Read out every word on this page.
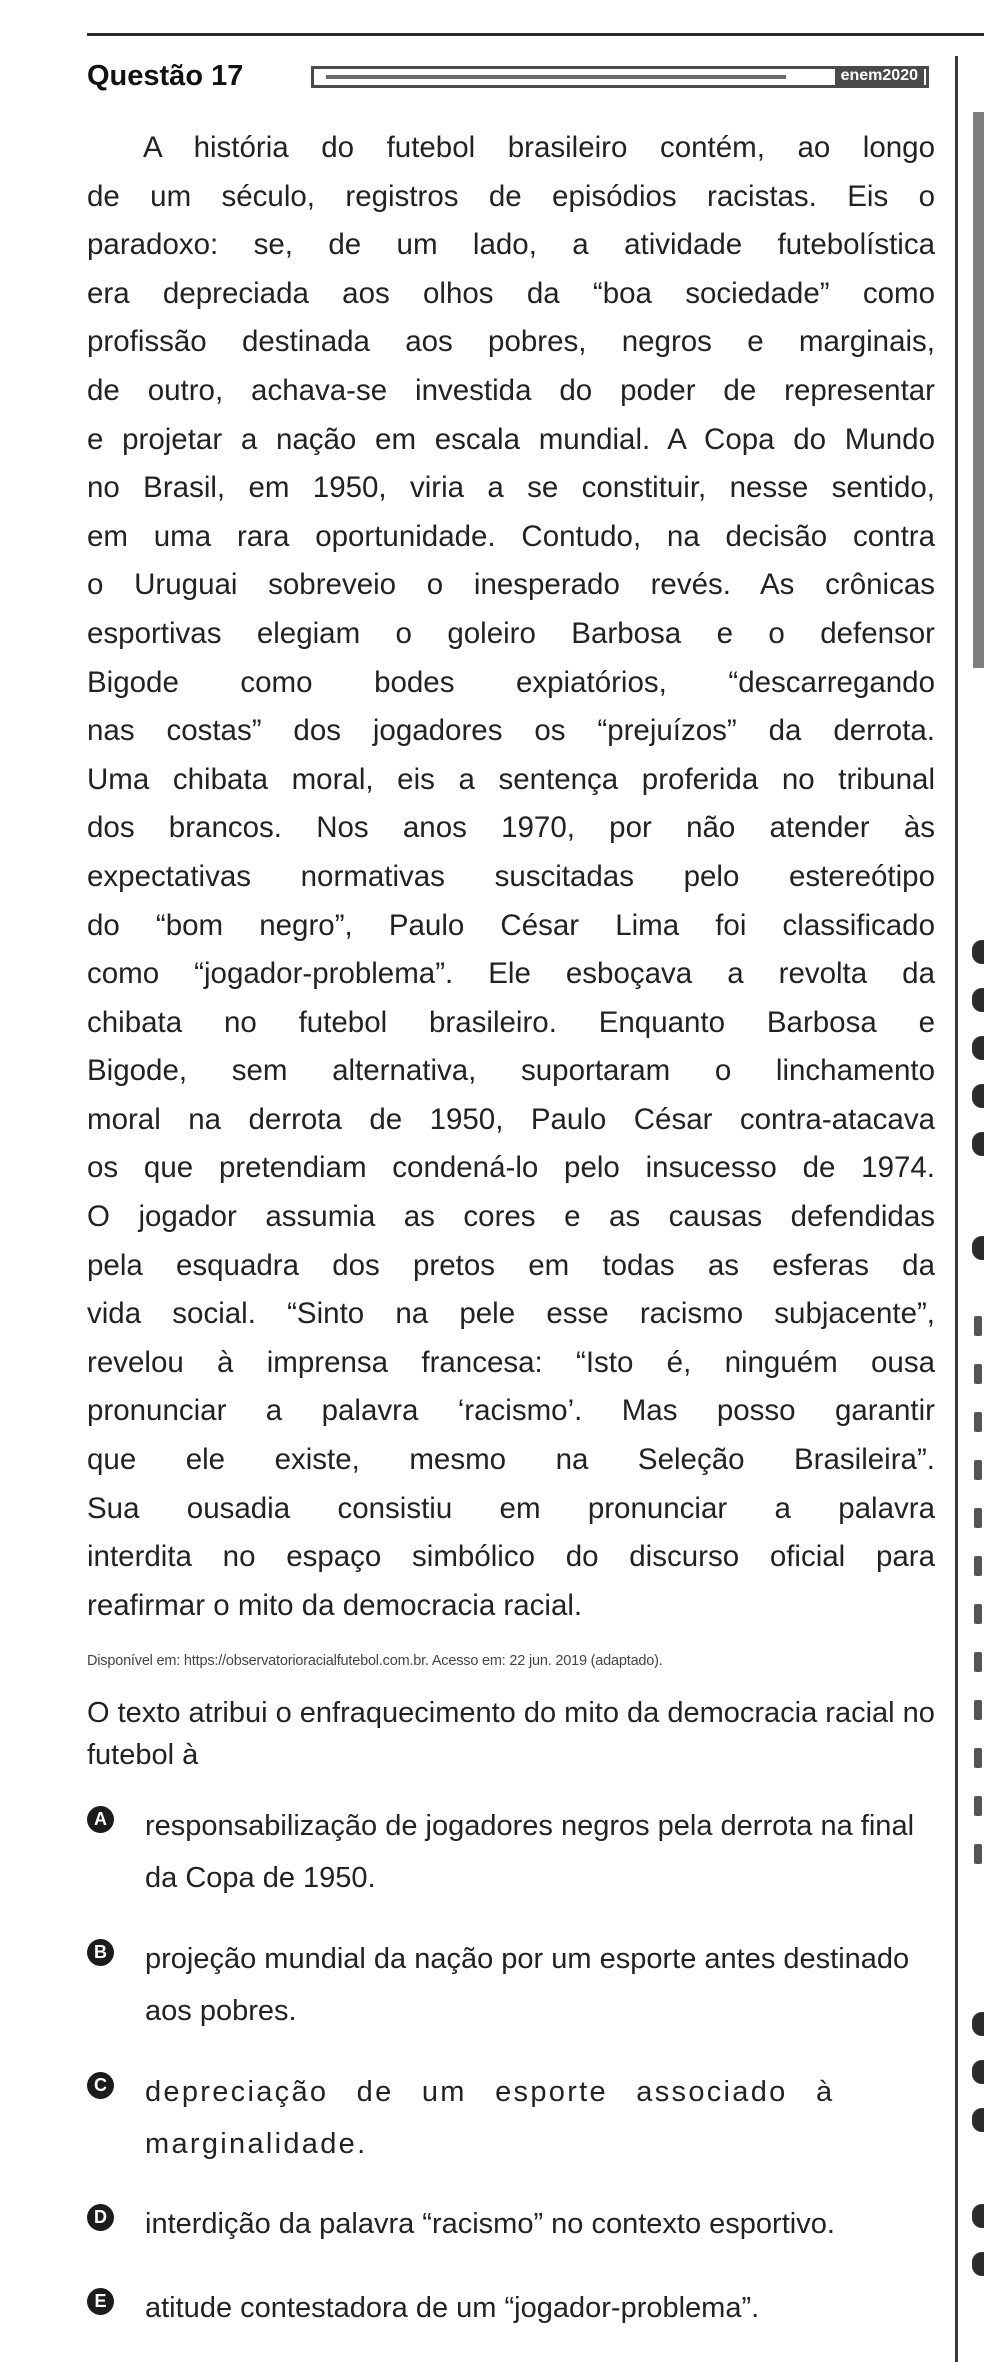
Questão 17	enem2020
A história do futebol brasileiro contém, ao longo
de um século, registros de episódios racistas. Eis o
paradoxo: se, de um lado, a atividade futebolística
era depreciada aos olhos da “boa sociedade” como
profissão destinada aos pobres, negros e marginais,
de outro, achava-se investida do poder de representar
e projetar a nação em escala mundial. A Copa do Mundo
no Brasil, em 1950, viria a se constituir, nesse sentido,
em uma rara oportunidade. Contudo, na decisão contra
o Uruguai sobreveio o inesperado revés. As crônicas
esportivas elegiam o goleiro Barbosa e o defensor
Bigode como bodes expiatórios, “descarregando
nas costas” dos jogadores os “prejuízos” da derrota.
Uma chibata moral, eis a sentença proferida no tribunal
dos brancos. Nos anos 1970, por não atender às
expectativas normativas suscitadas pelo estereótipo
do “bom negro”, Paulo César Lima foi classificado
como “jogador-problema”. Ele esboçava a revolta da
chibata no futebol brasileiro. Enquanto Barbosa e
Bigode, sem alternativa, suportaram o linchamento
moral na derrota de 1950, Paulo César contra-atacava
os que pretendiam condená-lo pelo insucesso de 1974.
O jogador assumia as cores e as causas defendidas
pela esquadra dos pretos em todas as esferas da
vida social. “Sinto na pele esse racismo subjacente”,
revelou à imprensa francesa: “Isto é, ninguém ousa
pronunciar a palavra ‘racismo’. Mas posso garantir
que ele existe, mesmo na Seleção Brasileira”.
Sua ousadia consistiu em pronunciar a palavra
interdita no espaço simbólico do discurso oficial para
reafirmar o mito da democracia racial.
Disponível em: https://observatorioracialfutebol.com.br. Acesso em: 22 jun. 2019 (adaptado).
O texto atribui o enfraquecimento do mito da democracia racial no futebol à
A responsabilização de jogadores negros pela derrota na final da Copa de 1950.
B projeção mundial da nação por um esporte antes destinado aos pobres.
C depreciação de um esporte associado à marginalidade.
D interdição da palavra “racismo” no contexto esportivo.
E atitude contestadora de um “jogador-problema”.
